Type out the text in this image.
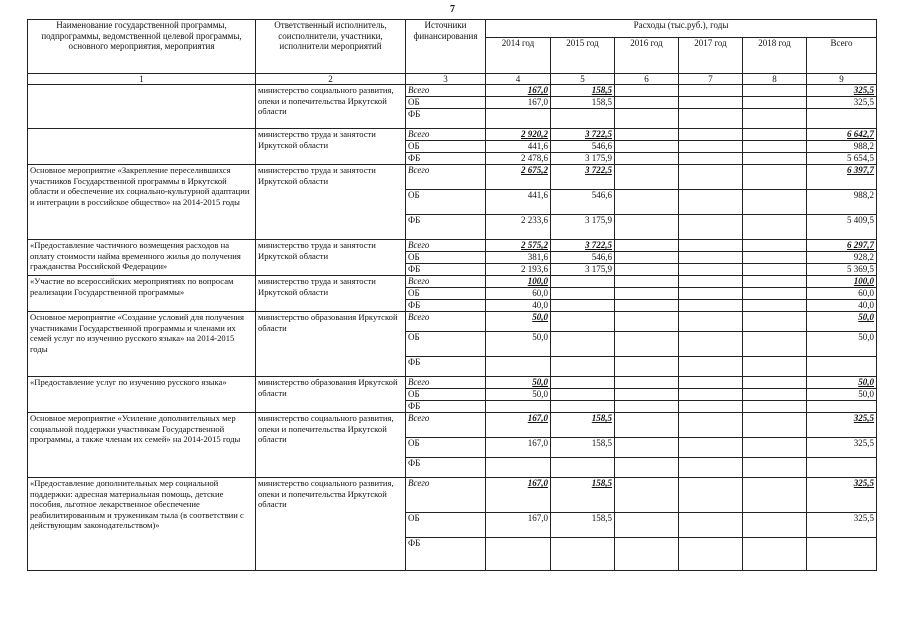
7
Наименование государственной программы, подпрограммы, ведомственной целевой программы, основного мероприятия, мероприятия	Ответственный исполнитель, соисполнители, участники, исполнители мероприятий	Источники финансирования	Расходы (тыс.руб.), годы					
			2014 год	2015 год	2016 год	2017 год	2018 год	Всего
1	2	3	4	5	6	7	8	9
	министерство социального развития, опеки и попечительства Иркутской области	Всего	167,0	158,5				325,5
		ОБ	167,0	158,5				325,5
		ФБ						
	министерство труда и занятости Иркутской области	Всего	2 920,2	3 722,5				6 642,7
		ОБ	441,6	546,6				988,2
		ФБ	2 478,6	3 175,9				5 654,5
Основное мероприятие «Закрепление переселившихся участников Государственной программы в Иркутской области и обеспечение их социально-культурной адаптации и интеграции в российское общество» на 2014-2015 годы	министерство труда и занятости Иркутской области	Всего	2 675,2	3 722,5				6 397,7
		ОБ	441,6	546,6				988,2
		ФБ	2 233,6	3 175,9				5 409,5
«Предоставление частичного возмещения расходов на оплату стоимости найма временного жилья до получения гражданства Российской Федерации»	министерство труда и занятости Иркутской области	Всего	2 575,2	3 722,5				6 297,7
		ОБ	381,6	546,6				928,2
		ФБ	2 193,6	3 175,9				5 369,5
«Участие во всероссийских мероприятиях по вопросам реализации Государственной программы»	министерство труда и занятости Иркутской области	Всего	100,0					100,0
		ОБ	60,0					60,0
		ФБ	40,0					40,0
Основное мероприятие «Создание условий для получения участниками Государственной программы и членами их семей услуг по изучению русского языка» на 2014-2015 годы	министерство образования Иркутской области	Всего	50,0					50,0
		ОБ	50,0					50,0
		ФБ						
«Предоставление услуг по изучению русского языка»	министерство образования Иркутской области	Всего	50,0					50,0
		ОБ	50,0					50,0
		ФБ						
Основное мероприятие «Усиление дополнительных мер социальной поддержки участникам Государственной программы, а также членам их семей» на 2014-2015 годы	министерство социального развития, опеки и попечительства Иркутской области	Всего	167,0	158,5				325,5
		ОБ	167,0	158,5				325,5
		ФБ						
«Предоставление дополнительных мер социальной поддержки: адресная материальная помощь, детские пособия, льготное лекарственное обеспечение реабилитированным и труженикам тыла (в соответствии с действующим законодательством)»	министерство социального развития, опеки и попечительства Иркутской области	Всего	167,0	158,5				325,5
		ОБ	167,0	158,5				325,5
		ФБ						
